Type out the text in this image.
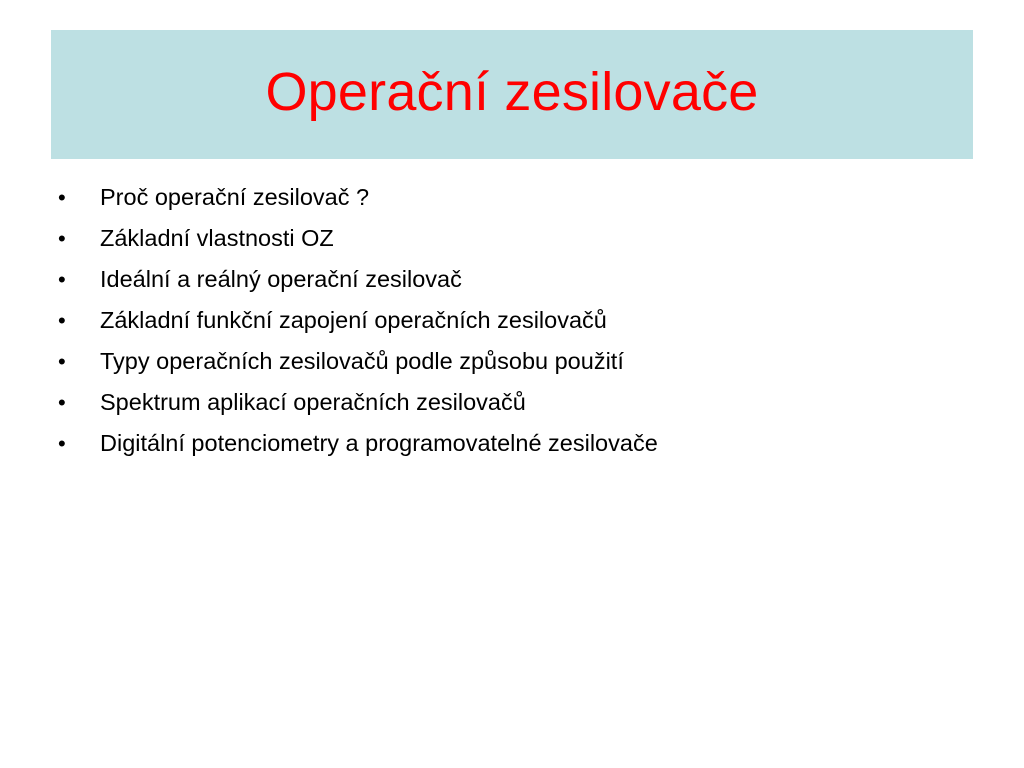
Operační zesilovače
•	Proč operační zesilovač ?
•	Základní vlastnosti OZ
•	Ideální a reálný operační zesilovač
•	Základní funkční zapojení operačních zesilovačů
•	Typy operačních zesilovačů podle způsobu použití
•	Spektrum aplikací operačních zesilovačů
•	Digitální potenciometry a programovatelné zesilovače
